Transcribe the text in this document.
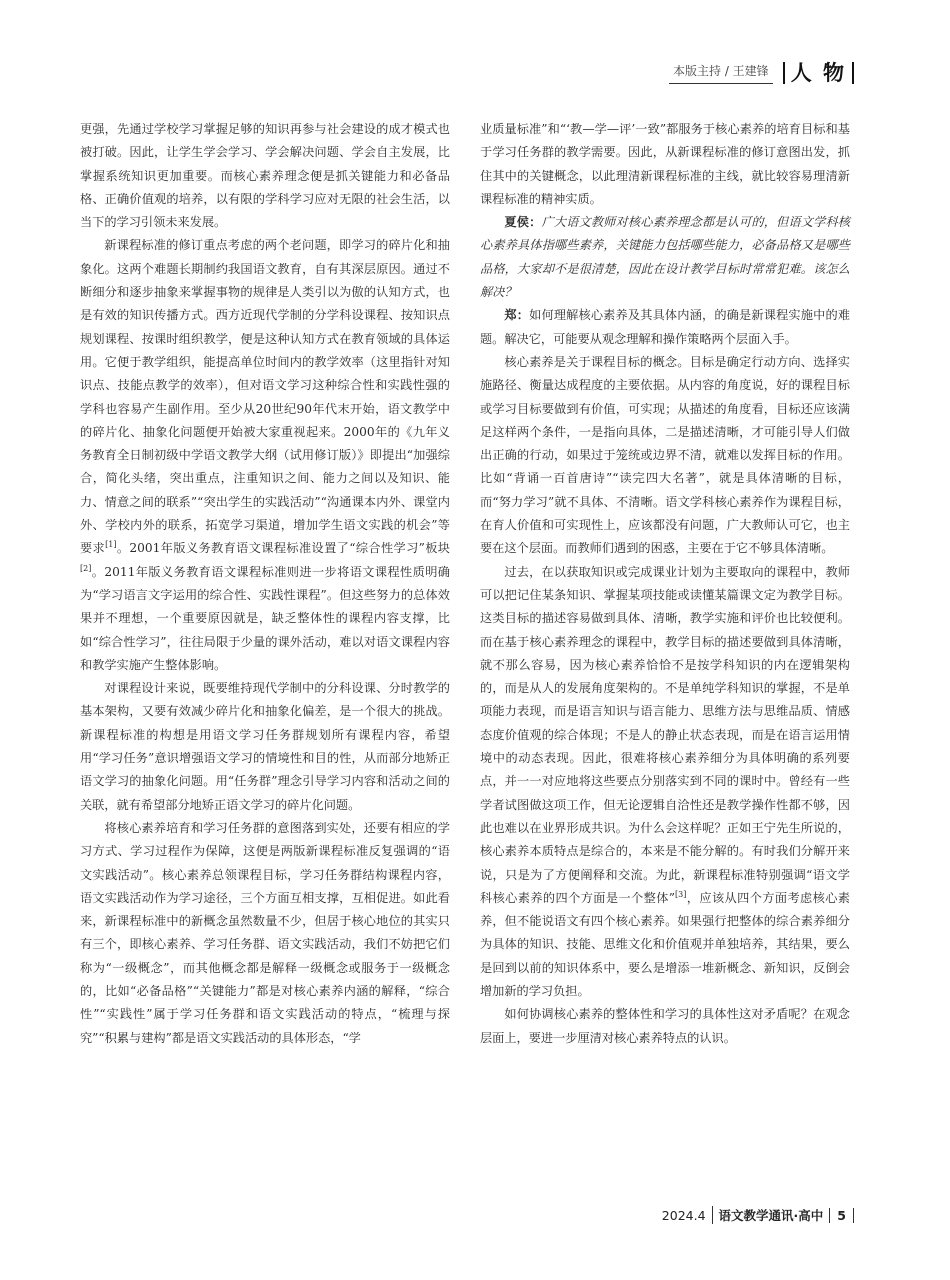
本版主持 / 王建锋	人 物

更强，先通过学校学习掌握足够的知识再参与社会建设的成才模式也被打破。因此，让学生学会学习、学会解决问题、学会自主发展，比掌握系统知识更加重要。而核心素养理念便是抓关键能力和必备品格、正确价值观的培养，以有限的学科学习应对无限的社会生活，以当下的学习引领未来发展。

新课程标准的修订重点考虑的两个老问题，即学习的碎片化和抽象化。这两个难题长期制约我国语文教育，自有其深层原因。通过不断细分和逐步抽象来掌握事物的规律是人类引以为傲的认知方式，也是有效的知识传播方式。西方近现代学制的分学科设课程、按知识点规划课程、按课时组织教学，便是这种认知方式在教育领域的具体运用。它便于教学组织，能提高单位时间内的教学效率（这里指针对知识点、技能点教学的效率），但对语文学习这种综合性和实践性强的学科也容易产生副作用。至少从20世纪90年代末开始，语文教学中的碎片化、抽象化问题便开始被大家重视起来。2000年的《九年义务教育全日制初级中学语文教学大纲（试用修订版）》即提出“加强综合，简化头绪，突出重点，注重知识之间、能力之间以及知识、能力、情意之间的联系”“突出学生的实践活动”“沟通课本内外、课堂内外、学校内外的联系，拓宽学习渠道，增加学生语文实践的机会”等要求[1]。2001年版义务教育语文课程标准设置了“综合性学习”板块[2]。2011年版义务教育语文课程标准则进一步将语文课程性质明确为“学习语言文字运用的综合性、实践性课程”。但这些努力的总体效果并不理想，一个重要原因就是，缺乏整体性的课程内容支撑，比如“综合性学习”，往往局限于少量的课外活动，难以对语文课程内容和教学实施产生整体影响。

对课程设计来说，既要维持现代学制中的分科设课、分时教学的基本架构，又要有效减少碎片化和抽象化偏差，是一个很大的挑战。新课程标准的构想是用语文学习任务群规划所有课程内容，希望用“学习任务”意识增强语文学习的情境性和目的性，从而部分地矫正语文学习的抽象化问题。用“任务群”理念引导学习内容和活动之间的关联，就有希望部分地矫正语文学习的碎片化问题。

将核心素养培育和学习任务群的意图落到实处，还要有相应的学习方式、学习过程作为保障，这便是两版新课程标准反复强调的“语文实践活动”。核心素养总领课程目标，学习任务群结构课程内容，语文实践活动作为学习途径，三个方面互相支撑，互相促进。如此看来，新课程标准中的新概念虽然数量不少，但居于核心地位的其实只有三个，即核心素养、学习任务群、语文实践活动，我们不妨把它们称为“一级概念”，而其他概念都是解释一级概念或服务于一级概念的，比如“必备品格”“关键能力”都是对核心素养内涵的解释，“综合性”“实践性”属于学习任务群和语文实践活动的特点，“梳理与探究”“积累与建构”都是语文实践活动的具体形态，“学

业质量标准”和“‘教—学—评’一致”都服务于核心素养的培育目标和基于学习任务群的教学需要。因此，从新课程标准的修订意图出发，抓住其中的关键概念，以此理清新课程标准的主线，就比较容易理清新课程标准的精神实质。

夏侯：广大语文教师对核心素养理念都是认可的，但语文学科核心素养具体指哪些素养，关键能力包括哪些能力，必备品格又是哪些品格，大家却不是很清楚，因此在设计教学目标时常常犯难。该怎么解决？

郑：如何理解核心素养及其具体内涵，的确是新课程实施中的难题。解决它，可能要从观念理解和操作策略两个层面入手。

核心素养是关于课程目标的概念。目标是确定行动方向、选择实施路径、衡量达成程度的主要依据。从内容的角度说，好的课程目标或学习目标要做到有价值，可实现；从描述的角度看，目标还应该满足这样两个条件，一是指向具体，二是描述清晰，才可能引导人们做出正确的行动，如果过于笼统或边界不清，就难以发挥目标的作用。比如“背诵一百首唐诗”“读完四大名著”，就是具体清晰的目标，而“努力学习”就不具体、不清晰。语文学科核心素养作为课程目标，在育人价值和可实现性上，应该都没有问题，广大教师认可它，也主要在这个层面。而教师们遇到的困惑，主要在于它不够具体清晰。

过去，在以获取知识或完成课业计划为主要取向的课程中，教师可以把记住某条知识、掌握某项技能或读懂某篇课文定为教学目标。这类目标的描述容易做到具体、清晰，教学实施和评价也比较便利。而在基于核心素养理念的课程中，教学目标的描述要做到具体清晰，就不那么容易，因为核心素养恰恰不是按学科知识的内在逻辑架构的，而是从人的发展角度架构的。不是单纯学科知识的掌握，不是单项能力表现，而是语言知识与语言能力、思维方法与思维品质、情感态度价值观的综合体现；不是人的静止状态表现，而是在语言运用情境中的动态表现。因此，很难将核心素养细分为具体明确的系列要点，并一一对应地将这些要点分别落实到不同的课时中。曾经有一些学者试图做这项工作，但无论逻辑自洽性还是教学操作性都不够，因此也难以在业界形成共识。为什么会这样呢？正如王宁先生所说的，核心素养本质特点是综合的，本来是不能分解的。有时我们分解开来说，只是为了方便阐释和交流。为此，新课程标准特别强调“语文学科核心素养的四个方面是一个整体”[3]，应该从四个方面考虑核心素养，但不能说语文有四个核心素养。如果强行把整体的综合素养细分为具体的知识、技能、思维文化和价值观并单独培养，其结果，要么是回到以前的知识体系中，要么是增添一堆新概念、新知识，反倒会增加新的学习负担。

如何协调核心素养的整体性和学习的具体性这对矛盾呢？在观念层面上，要进一步厘清对核心素养特点的认识。

2024.4	语文教学通讯·高中	5
